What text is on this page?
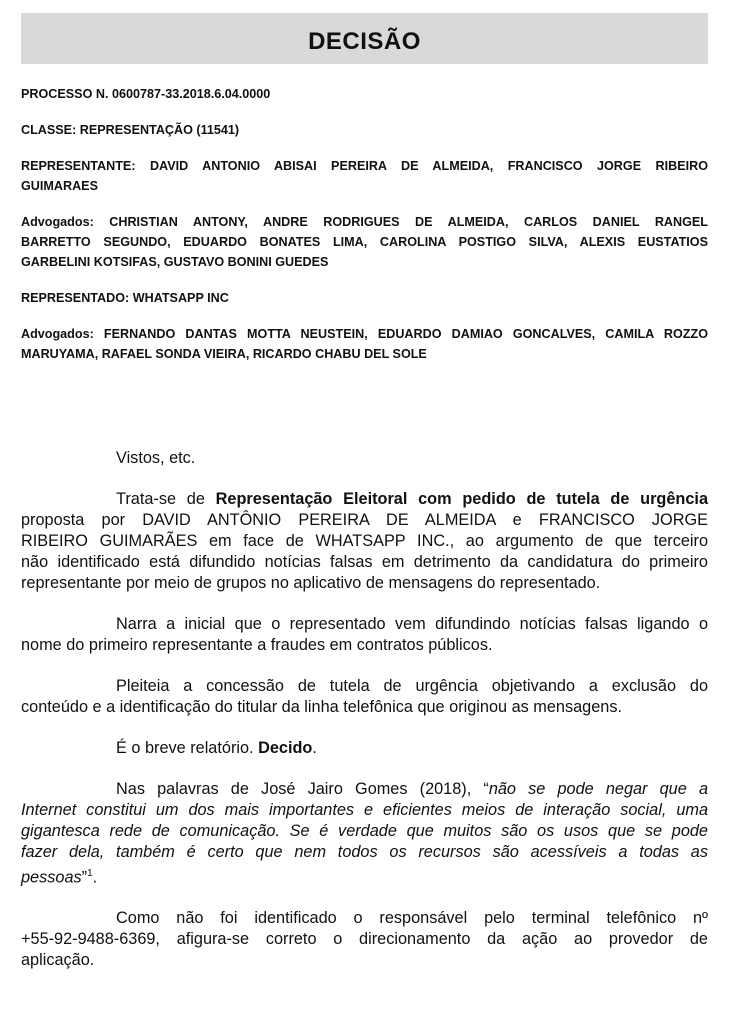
DECISÃO

PROCESSO N. 0600787-33.2018.6.04.0000

CLASSE: REPRESENTAÇÃO (11541)

REPRESENTANTE: DAVID ANTONIO ABISAI PEREIRA DE ALMEIDA, FRANCISCO JORGE RIBEIRO
GUIMARAES

Advogados: CHRISTIAN ANTONY, ANDRE RODRIGUES DE ALMEIDA, CARLOS DANIEL RANGEL
BARRETTO SEGUNDO, EDUARDO BONATES LIMA, CAROLINA POSTIGO SILVA, ALEXIS EUSTATIOS
GARBELINI KOTSIFAS, GUSTAVO BONINI GUEDES

REPRESENTADO: WHATSAPP INC

Advogados: FERNANDO DANTAS MOTTA NEUSTEIN, EDUARDO DAMIAO GONCALVES, CAMILA ROZZO
MARUYAMA, RAFAEL SONDA VIEIRA, RICARDO CHABU DEL SOLE

Vistos, etc.

Trata-se de Representação Eleitoral com pedido de tutela de urgência
proposta por DAVID ANTÔNIO PEREIRA DE ALMEIDA e FRANCISCO JORGE
RIBEIRO GUIMARÃES em face de WHATSAPP INC., ao argumento de que terceiro
não identificado está difundido notícias falsas em detrimento da candidatura do primeiro
representante por meio de grupos no aplicativo de mensagens do representado.

Narra a inicial que o representado vem difundindo notícias falsas ligando o
nome do primeiro representante a fraudes em contratos públicos.

Pleiteia a concessão de tutela de urgência objetivando a exclusão do
conteúdo e a identificação do titular da linha telefônica que originou as mensagens.

É o breve relatório. Decido.

Nas palavras de José Jairo Gomes (2018), “não se pode negar que a
Internet constitui um dos mais importantes e eficientes meios de interação social, uma
gigantesca rede de comunicação. Se é verdade que muitos são os usos que se pode
fazer dela, também é certo que nem todos os recursos são acessíveis a todas as
pessoas”$^1$.

Como não foi identificado o responsável pelo terminal telefônico nº
+55-92-9488-6369, afigura-se correto o direcionamento da ação ao provedor de
aplicação.
